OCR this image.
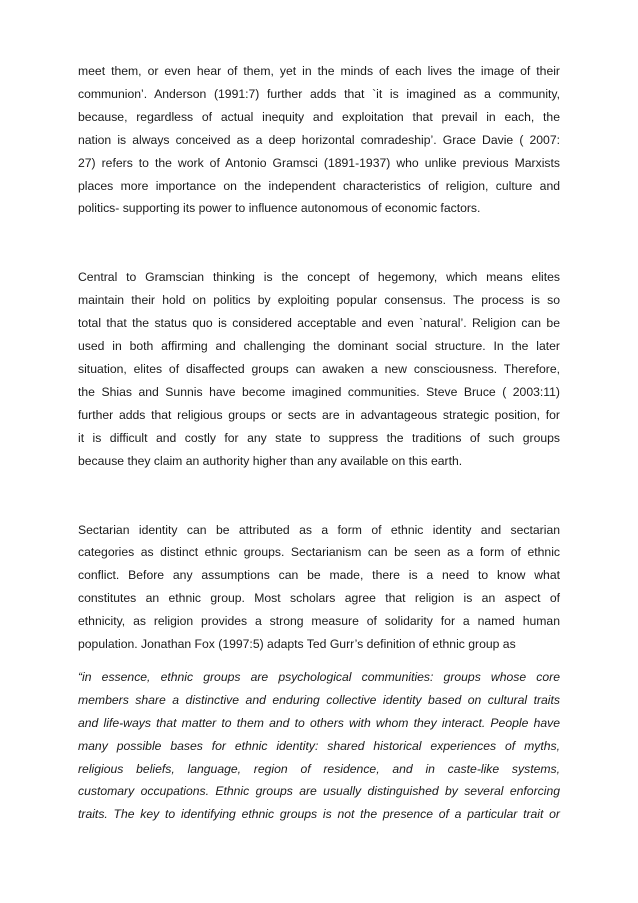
meet them, or even hear of them, yet in the minds of each lives the image of their
communion’. Anderson (1991:7) further adds that `it is imagined as a community,
because, regardless of actual inequity and exploitation that prevail in each, the
nation is always conceived as a deep horizontal comradeship’. Grace Davie ( 2007:
27) refers to the work of Antonio Gramsci (1891-1937) who unlike previous Marxists
places more importance on the independent characteristics of religion, culture and
politics- supporting its power to influence autonomous of economic factors.
Central to Gramscian thinking is the concept of hegemony, which means elites
maintain their hold on politics by exploiting popular consensus. The process is so
total that the status quo is considered acceptable and even `natural’. Religion can be
used in both affirming and challenging the dominant social structure. In the later
situation, elites of disaffected groups can awaken a new consciousness. Therefore,
the Shias and Sunnis have become imagined communities. Steve Bruce ( 2003:11)
further adds that religious groups or sects are in advantageous strategic position, for
it is difficult and costly for any state to suppress the traditions of such groups
because they claim an authority higher than any available on this earth.
Sectarian identity can be attributed as a form of ethnic identity and sectarian
categories as distinct ethnic groups. Sectarianism can be seen as a form of ethnic
conflict. Before any assumptions can be made, there is a need to know what
constitutes an ethnic group. Most scholars agree that religion is an aspect of
ethnicity, as religion provides a strong measure of solidarity for a named human
population. Jonathan Fox (1997:5) adapts Ted Gurr’s definition of ethnic group as
“in essence, ethnic groups are psychological communities: groups whose core
members share a distinctive and enduring collective identity based on cultural traits
and life-ways that matter to them and to others with whom they interact. People have
many possible bases for ethnic identity: shared historical experiences of myths,
religious beliefs, language, region of residence, and in caste-like systems,
customary occupations. Ethnic groups are usually distinguished by several enforcing
traits. The key to identifying ethnic groups is not the presence of a particular trait or
